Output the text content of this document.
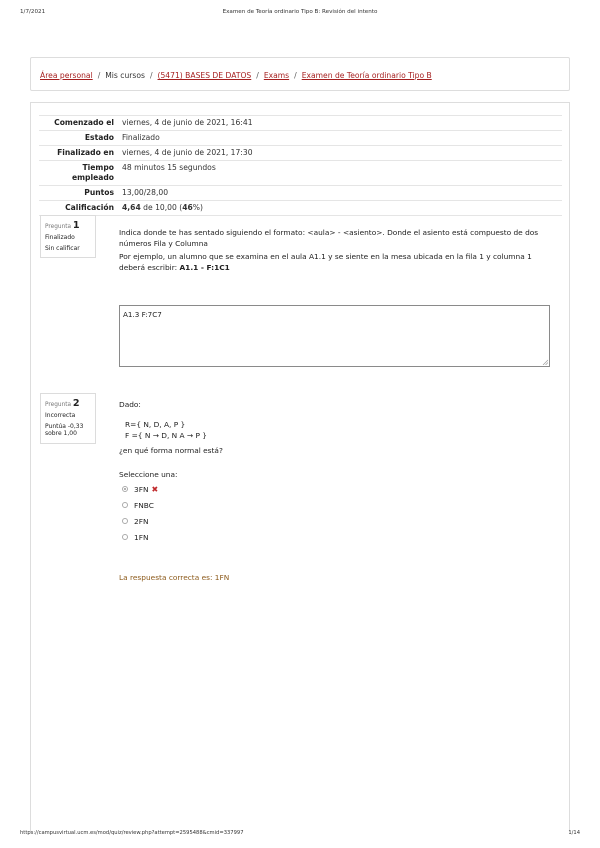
1/7/2021	Examen de Teoría ordinario Tipo B: Revisión del intento
Área personal / Mis cursos / (5471) BASES DE DATOS / Exams / Examen de Teoría ordinario Tipo B
Comenzado el	viernes, 4 de junio de 2021, 16:41
Estado	Finalizado
Finalizado en	viernes, 4 de junio de 2021, 17:30
Tiempo empleado	48 minutos 15 segundos
Puntos	13,00/28,00
Calificación	4,64 de 10,00 (46%)
Pregunta 1
Finalizado
Sin calificar
Indica donde te has sentado siguiendo el formato: <aula> - <asiento>. Donde el asiento está compuesto de dos números Fila y Columna
Por ejemplo, un alumno que se examina en el aula A1.1 y se siente en la mesa ubicada en la fila 1 y columna 1 deberá escribir: A1.1 - F:1C1
A1.3 F:7C7
Pregunta 2
Incorrecta
Puntúa -0,33 sobre 1,00
Dado:
R={ N, D, A, P }
F ={ N → D, N A → P }
¿en qué forma normal está?
Seleccione una:
3FN ✖
FNBC
2FN
1FN
La respuesta correcta es: 1FN
https://campusvirtual.ucm.es/mod/quiz/review.php?attempt=2595488&cmid=337997	1/14
